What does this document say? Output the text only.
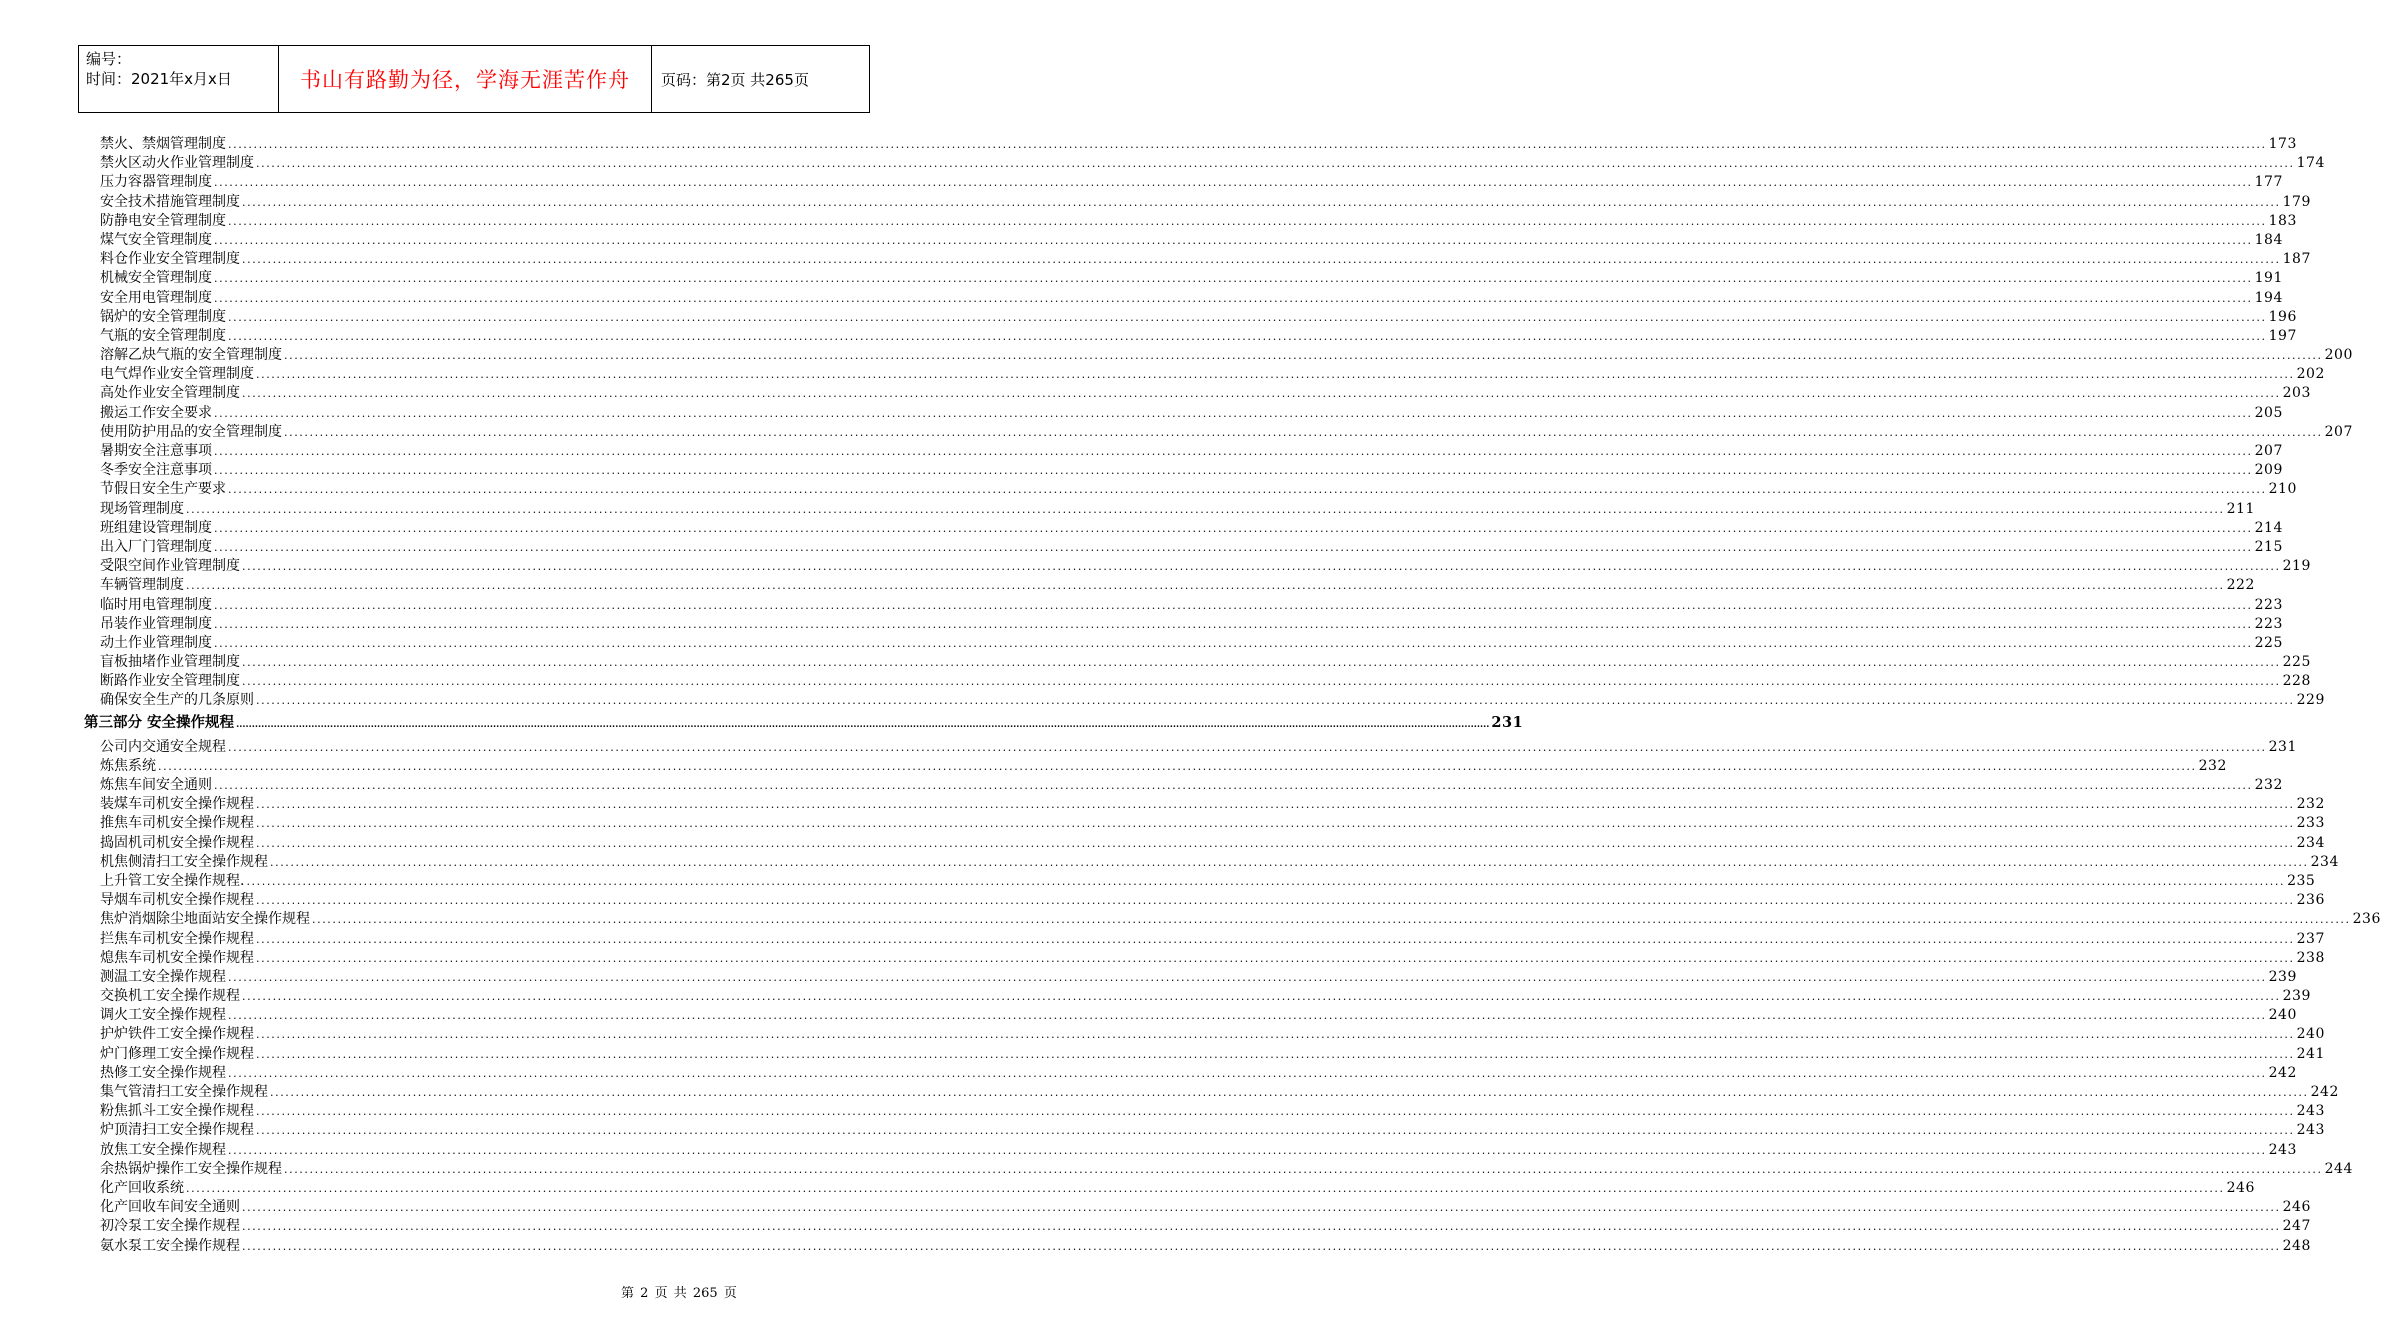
编号：
时间：2021年x月x日	书山有路勤为径，学海无涯苦作舟	页码：第2页 共265页
禁火、禁烟管理制度 ................................................................................................................................................................................................................................................................................................................................................................................................................ 173
禁火区动火作业管理制度 ................................................................................................................................................................................................................................................................................................................................................................................................................ 174
压力容器管理制度 ................................................................................................................................................................................................................................................................................................................................................................................................................ 177
安全技术措施管理制度 ................................................................................................................................................................................................................................................................................................................................................................................................................ 179
防静电安全管理制度 ................................................................................................................................................................................................................................................................................................................................................................................................................ 183
煤气安全管理制度 ................................................................................................................................................................................................................................................................................................................................................................................................................ 184
料仓作业安全管理制度 ................................................................................................................................................................................................................................................................................................................................................................................................................ 187
机械安全管理制度 ................................................................................................................................................................................................................................................................................................................................................................................................................ 191
安全用电管理制度 ................................................................................................................................................................................................................................................................................................................................................................................................................ 194
锅炉的安全管理制度 ................................................................................................................................................................................................................................................................................................................................................................................................................ 196
气瓶的安全管理制度 ................................................................................................................................................................................................................................................................................................................................................................................................................ 197
溶解乙炔气瓶的安全管理制度 ................................................................................................................................................................................................................................................................................................................................................................................................................ 200
电气焊作业安全管理制度 ................................................................................................................................................................................................................................................................................................................................................................................................................ 202
高处作业安全管理制度 ................................................................................................................................................................................................................................................................................................................................................................................................................ 203
搬运工作安全要求 ................................................................................................................................................................................................................................................................................................................................................................................................................ 205
使用防护用品的安全管理制度 ................................................................................................................................................................................................................................................................................................................................................................................................................ 207
暑期安全注意事项 ................................................................................................................................................................................................................................................................................................................................................................................................................ 207
冬季安全注意事项 ................................................................................................................................................................................................................................................................................................................................................................................................................ 209
节假日安全生产要求 ................................................................................................................................................................................................................................................................................................................................................................................................................ 210
现场管理制度 ................................................................................................................................................................................................................................................................................................................................................................................................................ 211
班组建设管理制度 ................................................................................................................................................................................................................................................................................................................................................................................................................ 214
出入厂门管理制度 ................................................................................................................................................................................................................................................................................................................................................................................................................ 215
受限空间作业管理制度 ................................................................................................................................................................................................................................................................................................................................................................................................................ 219
车辆管理制度 ................................................................................................................................................................................................................................................................................................................................................................................................................ 222
临时用电管理制度 ................................................................................................................................................................................................................................................................................................................................................................................................................ 223
吊装作业管理制度 ................................................................................................................................................................................................................................................................................................................................................................................................................ 223
动土作业管理制度 ................................................................................................................................................................................................................................................................................................................................................................................................................ 225
盲板抽堵作业管理制度 ................................................................................................................................................................................................................................................................................................................................................................................................................ 225
断路作业安全管理制度 ................................................................................................................................................................................................................................................................................................................................................................................................................ 228
确保安全生产的几条原则 ................................................................................................................................................................................................................................................................................................................................................................................................................ 229
第三部分 安全操作规程 ................................................................................................................................................................................................................................................................................................................................................................................................................ 231
公司内交通安全规程 ................................................................................................................................................................................................................................................................................................................................................................................................................ 231
炼焦系统 ................................................................................................................................................................................................................................................................................................................................................................................................................ 232
炼焦车间安全通则 ................................................................................................................................................................................................................................................................................................................................................................................................................ 232
装煤车司机安全操作规程 ................................................................................................................................................................................................................................................................................................................................................................................................................ 232
推焦车司机安全操作规程 ................................................................................................................................................................................................................................................................................................................................................................................................................ 233
捣固机司机安全操作规程 ................................................................................................................................................................................................................................................................................................................................................................................................................ 234
机焦侧清扫工安全操作规程 ................................................................................................................................................................................................................................................................................................................................................................................................................ 234
上升管工安全操作规程. ................................................................................................................................................................................................................................................................................................................................................................................................................ 235
导烟车司机安全操作规程 ................................................................................................................................................................................................................................................................................................................................................................................................................ 236
焦炉消烟除尘地面站安全操作规程 ................................................................................................................................................................................................................................................................................................................................................................................................................ 236
拦焦车司机安全操作规程 ................................................................................................................................................................................................................................................................................................................................................................................................................ 237
熄焦车司机安全操作规程 ................................................................................................................................................................................................................................................................................................................................................................................................................ 238
测温工安全操作规程 ................................................................................................................................................................................................................................................................................................................................................................................................................ 239
交换机工安全操作规程 ................................................................................................................................................................................................................................................................................................................................................................................................................ 239
调火工安全操作规程 ................................................................................................................................................................................................................................................................................................................................................................................................................ 240
护炉铁件工安全操作规程 ................................................................................................................................................................................................................................................................................................................................................................................................................ 240
炉门修理工安全操作规程 ................................................................................................................................................................................................................................................................................................................................................................................................................ 241
热修工安全操作规程 ................................................................................................................................................................................................................................................................................................................................................................................................................ 242
集气管清扫工安全操作规程 ................................................................................................................................................................................................................................................................................................................................................................................................................ 242
粉焦抓斗工安全操作规程 ................................................................................................................................................................................................................................................................................................................................................................................................................ 243
炉顶清扫工安全操作规程 ................................................................................................................................................................................................................................................................................................................................................................................................................ 243
放焦工安全操作规程 ................................................................................................................................................................................................................................................................................................................................................................................................................ 243
余热锅炉操作工安全操作规程 ................................................................................................................................................................................................................................................................................................................................................................................................................ 244
化产回收系统 ................................................................................................................................................................................................................................................................................................................................................................................................................ 246
化产回收车间安全通则 ................................................................................................................................................................................................................................................................................................................................................................................................................ 246
初冷泵工安全操作规程 ................................................................................................................................................................................................................................................................................................................................................................................................................ 247
氨水泵工安全操作规程 ................................................................................................................................................................................................................................................................................................................................................................................................................ 248
第 2 页 共 265 页
